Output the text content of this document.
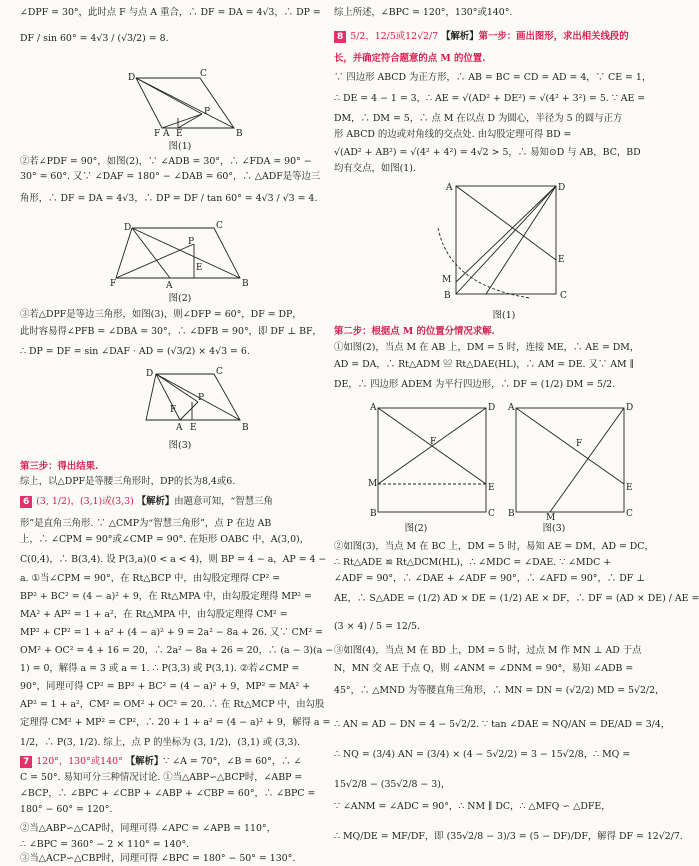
∠DPF = 30°，此时点 F 与点 A 重合，∴ DF = DA = 4√3，∴ DP =
DF / sin 60° = 4√3 / (√3/2) = 8.
D	C
P
B
F A E
图(1)
②若∠PDF = 90°，如图(2)，∵ ∠ADB = 30°，∴ ∠FDA = 90° −
30° = 60°. 又∵ ∠DAF = 180° − ∠DAB = 60°，∴ △ADF是等边三
角形，∴ DF = DA = 4√3，∴ DP = DF / tan 60° = 4√3 / √3 = 4.
D	C
P
B
F	A
E
图(2)
③若△DPF是等边三角形，如图(3)，则∠DFP = 60°，DF = DP，
此时容易得∠PFB = ∠DBA = 30°，∴ ∠DFB = 90°，即 DF ⊥ BF，
∴ DP = DF = sin ∠DAF · AD = (√3/2) × 4√3 = 6.
D	C
P
B
A E
F
图(3)
第三步：得出结果.
综上，以△DPF是等腰三角形时，DP的长为8,4或6.
6 (3, 1/2)，(3,1)或(3,3) 【解析】由题意可知，“智慧三角
形”是直角三角形. ∵ △CMP为“智慧三角形”，点 P 在边 AB
上，∴ ∠CPM = 90°或∠CMP = 90°. 在矩形 OABC 中，A(3,0)，
C(0,4)，∴ B(3,4). 设 P(3,a)(0 < a < 4)，则 BP = 4 − a，AP = 4 −
a. ①当∠CPM = 90°，在 Rt△BCP 中，由勾股定理得 CP² =
BP² + BC² = (4 − a)² + 9，在 Rt△MPA 中，由勾股定理得 MP² =
MA² + AP² = 1 + a²，在 Rt△MPA 中，由勾股定理得 CM² =
MP² + CP² = 1 + a² + (4 − a)² + 9 = 2a² − 8a + 26. 又∵ CM² =
OM² + OC² = 4 + 16 = 20，∴ 2a² − 8a + 26 = 20，∴ (a − 3)(a −
1) = 0，解得 a = 3 或 a = 1. ∴ P(3,3) 或 P(3,1). ②若∠CMP =
90°，同理可得 CP² = BP² + BC² = (4 − a)² + 9，MP² = MA² +
AP² = 1 + a²，CM² = OM² + OC² = 20. ∴ 在 Rt△MCP 中，由勾股
定理得 CM² + MP² = CP²，∴ 20 + 1 + a² = (4 − a)² + 9，解得 a =
1/2，∴ P(3, 1/2). 综上，点 P 的坐标为 (3, 1/2)，(3,1) 或 (3,3).
7 120°，130°或140° 【解析】∵ ∠A = 70°，∠B = 60°，∴ ∠
C = 50°. 易知可分三种情况讨论. ①当△ABP∽△BCP时，∠ABP =
∠BCP，∴ ∠BPC + ∠CBP + ∠ABP + ∠CBP = 60°，∴ ∠BPC =
180° − 60° = 120°.
②当△ABP∽△CAP时，同理可得 ∠APC = ∠APB = 110°，
∴ ∠BPC = 360° − 2 × 110° = 140°.
③当△ACP∽△CBP时，同理可得 ∠BPC = 180° − 50° = 130°.
综上所述，∠BPC = 120°，130°或140°.
8 5/2，12/5或12√2/7 【解析】第一步：画出图形，求出相关线段的
长，并确定符合题意的点 M 的位置.
∵ 四边形 ABCD 为正方形，∴ AB = BC = CD = AD = 4，∵ CE = 1，
∴ DE = 4 − 1 = 3，∴ AE = √(AD² + DE²) = √(4² + 3²) = 5. ∵ AE =
DM，∴ DM = 5，∴ 点 M 在以点 D 为圆心，半径为 5 的圆与正方
形 ABCD 的边或对角线的交点处. 由勾股定理可得 BD =
√(AD² + AB²) = √(4² + 4²) = 4√2 > 5，∴ 易知⊙D 与 AB，BC，BD
均有交点，如图(1).
A	D
E
C
B
M
图(1)
第二步：根据点 M 的位置分情况求解.
①如图(2)，当点 M 在 AB 上，DM = 5 时，连接 ME，∴ AE = DM，
AD = DA，∴ Rt△ADM ≌ Rt△DAE(HL)，∴ AM = DE. 又∵ AM ∥
DE，∴ 四边形 ADEM 为平行四边形，∴ DF = (1/2) DM = 5/2.
A	D
E
C
B
M
F
图(2)
A	D
E
C
B	M
F
图(3)
②如图(3)，当点 M 在 BC 上，DM = 5 时，易知 AE = DM，AD = DC，
∴ Rt△ADE ≌ Rt△DCM(HL)，∴ ∠MDC = ∠DAE. ∵ ∠MDC +
∠ADF = 90°，∴ ∠DAE + ∠ADF = 90°，∴ ∠AFD = 90°，∴ DF ⊥
AE，∴ S△ADE = (1/2) AD × DE = (1/2) AE × DF，∴ DF = (AD × DE) / AE =
(3 × 4) / 5 = 12/5.
③如图(4)，当点 M 在 BD 上，DM = 5 时，过点 M 作 MN ⊥ AD 于点
N，MN 交 AE 于点 Q，则 ∠ANM = ∠DNM = 90°，易知 ∠ADB =
45°，∴ △MND 为等腰直角三角形，∴ MN = DN = (√2/2) MD = 5√2/2，
∴ AN = AD − DN = 4 − 5√2/2. ∵ tan ∠DAE = NQ/AN = DE/AD = 3/4，
∴ NQ = (3/4) AN = (3/4) × (4 − 5√2/2) = 3 − 15√2/8，∴ MQ =
15√2/8 − (35√2/8 − 3)，
∵ ∠ANM = ∠ADC = 90°，∴ NM ∥ DC，∴ △MFQ ∽ △DFE，
∴ MQ/DE = MF/DF，即 (35√2/8 − 3)/3 = (5 − DF)/DF，解得 DF = 12√2/7.
